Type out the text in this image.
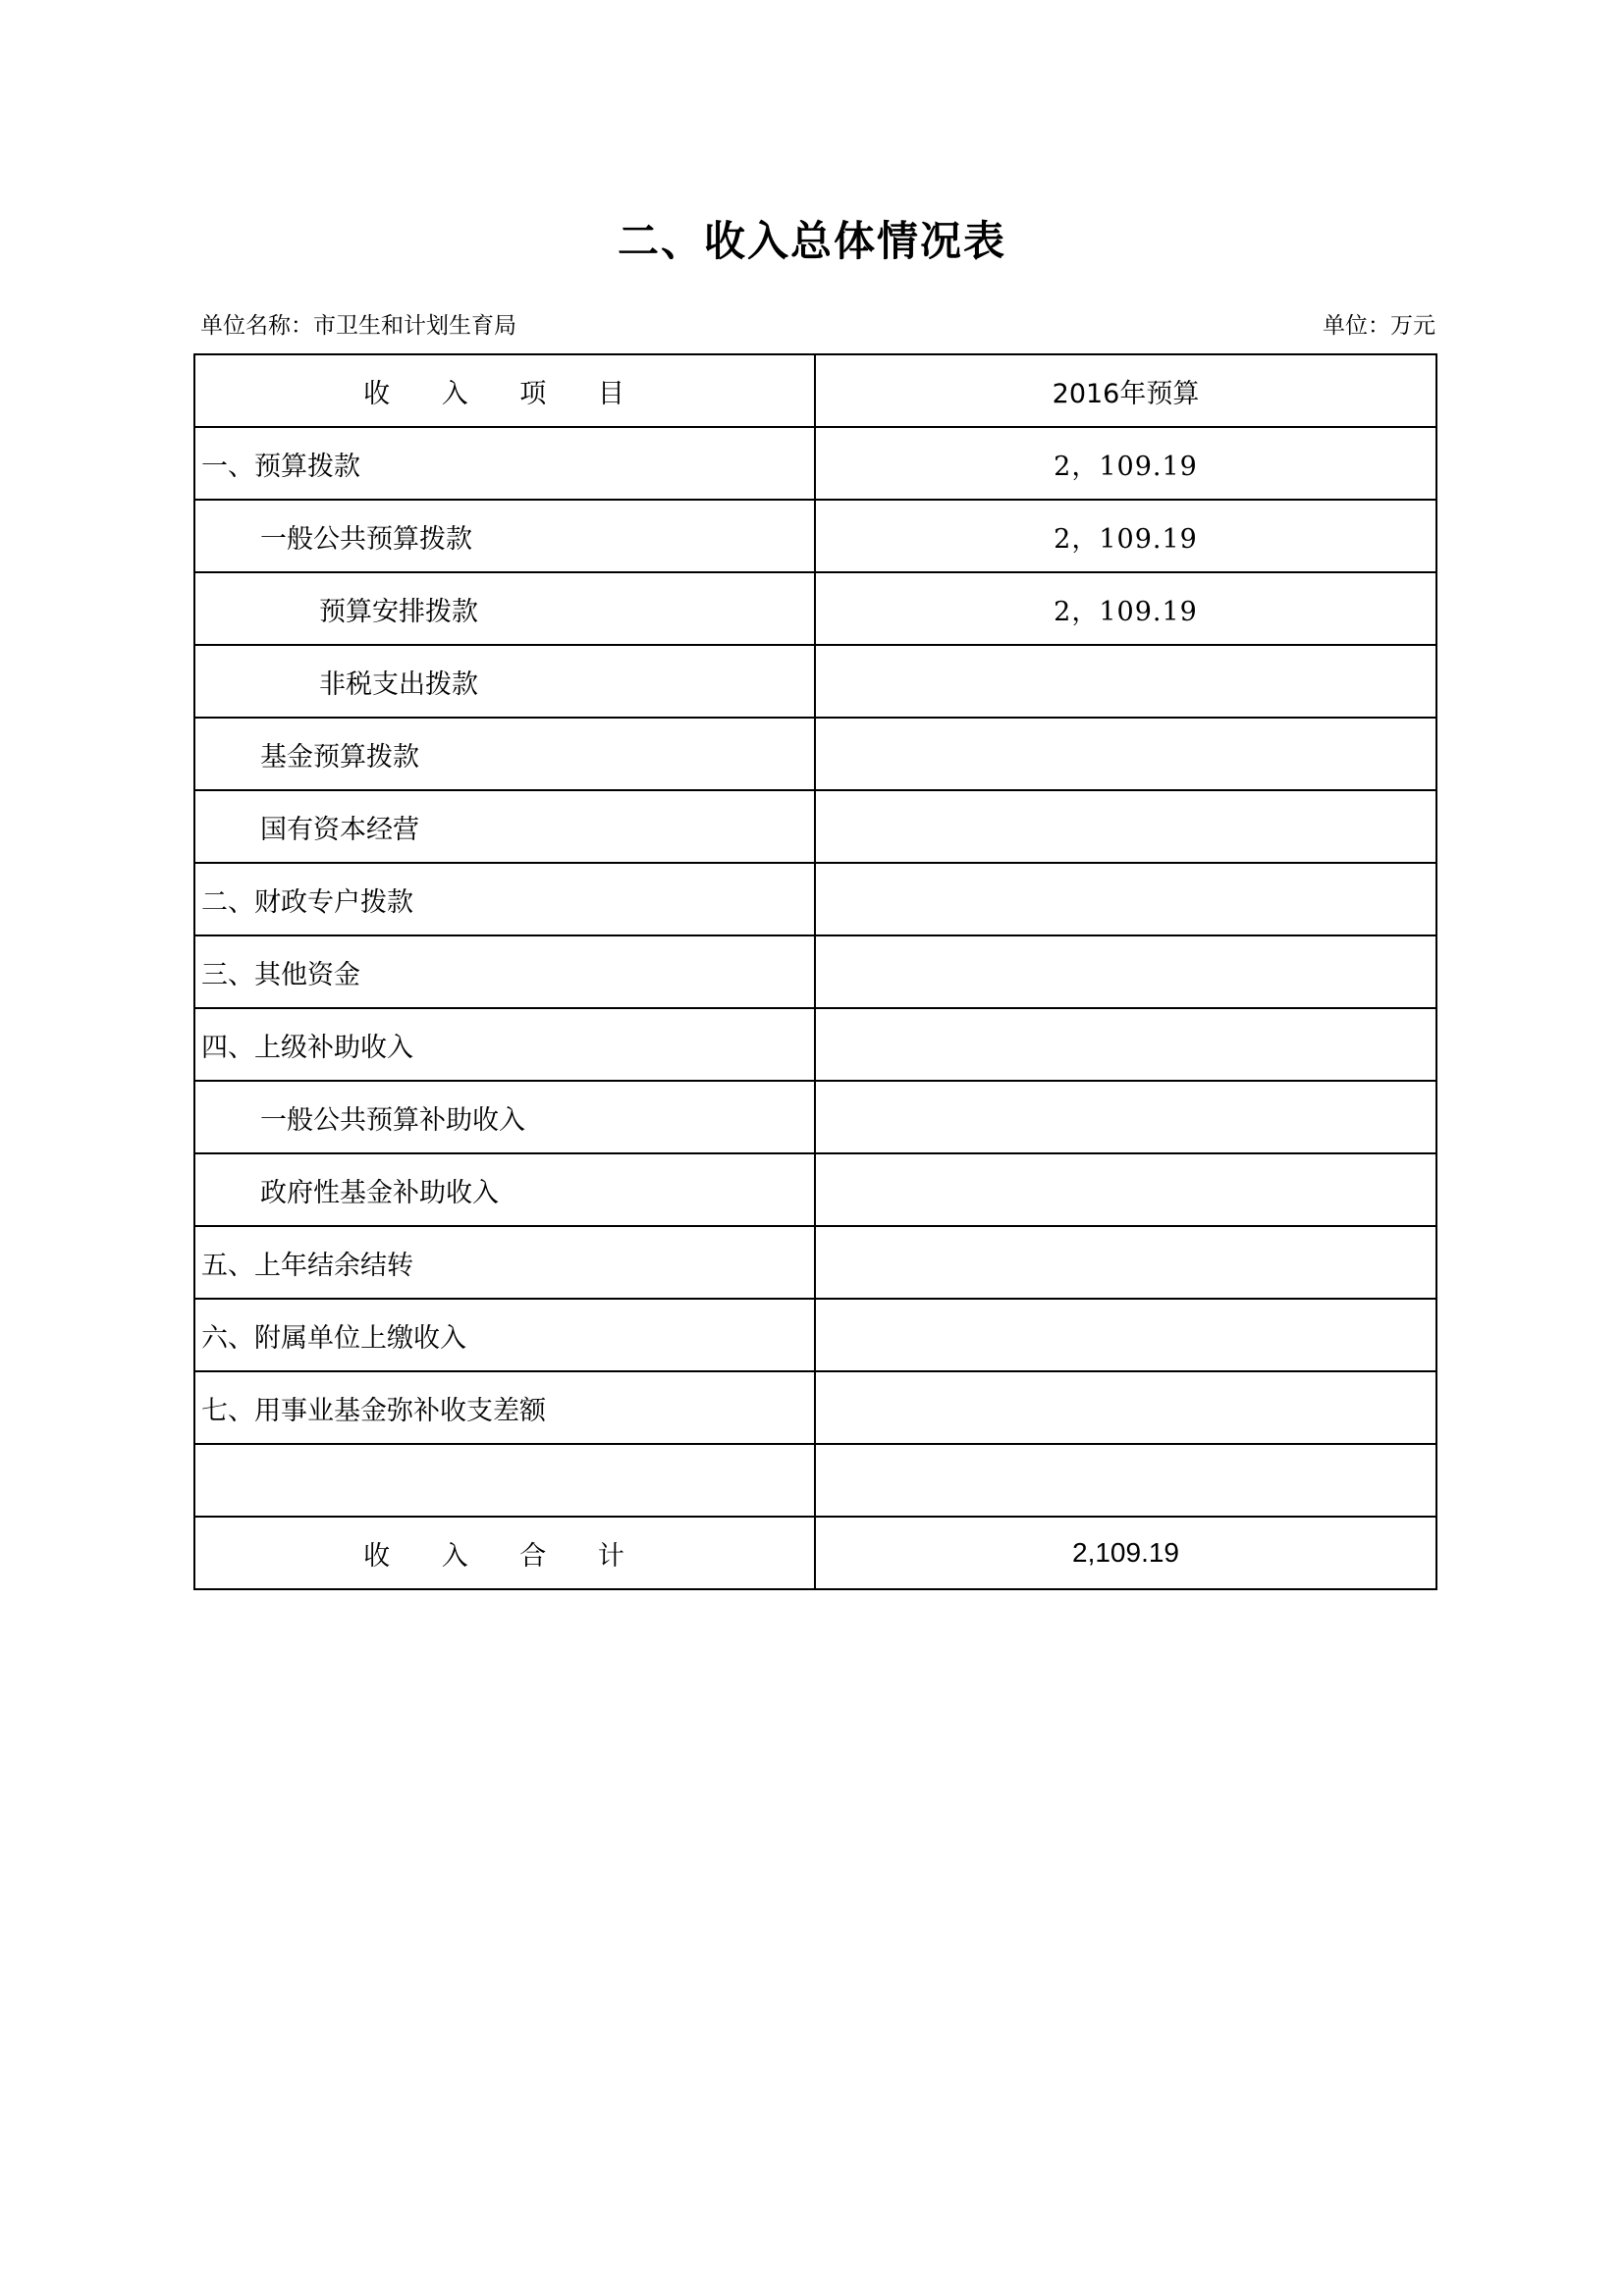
二、收入总体情况表
单位名称：市卫生和计划生育局	单位：万元
收 入 项 目	2016年预算
一、预算拨款	2，109.19
一般公共预算拨款	2，109.19
预算安排拨款	2，109.19
非税支出拨款	
基金预算拨款	
国有资本经营	
二、财政专户拨款	
三、其他资金	
四、上级补助收入	
一般公共预算补助收入	
政府性基金补助收入	
五、上年结余结转	
六、附属单位上缴收入	
七、用事业基金弥补收支差额	

收 入 合 计	2,109.19
